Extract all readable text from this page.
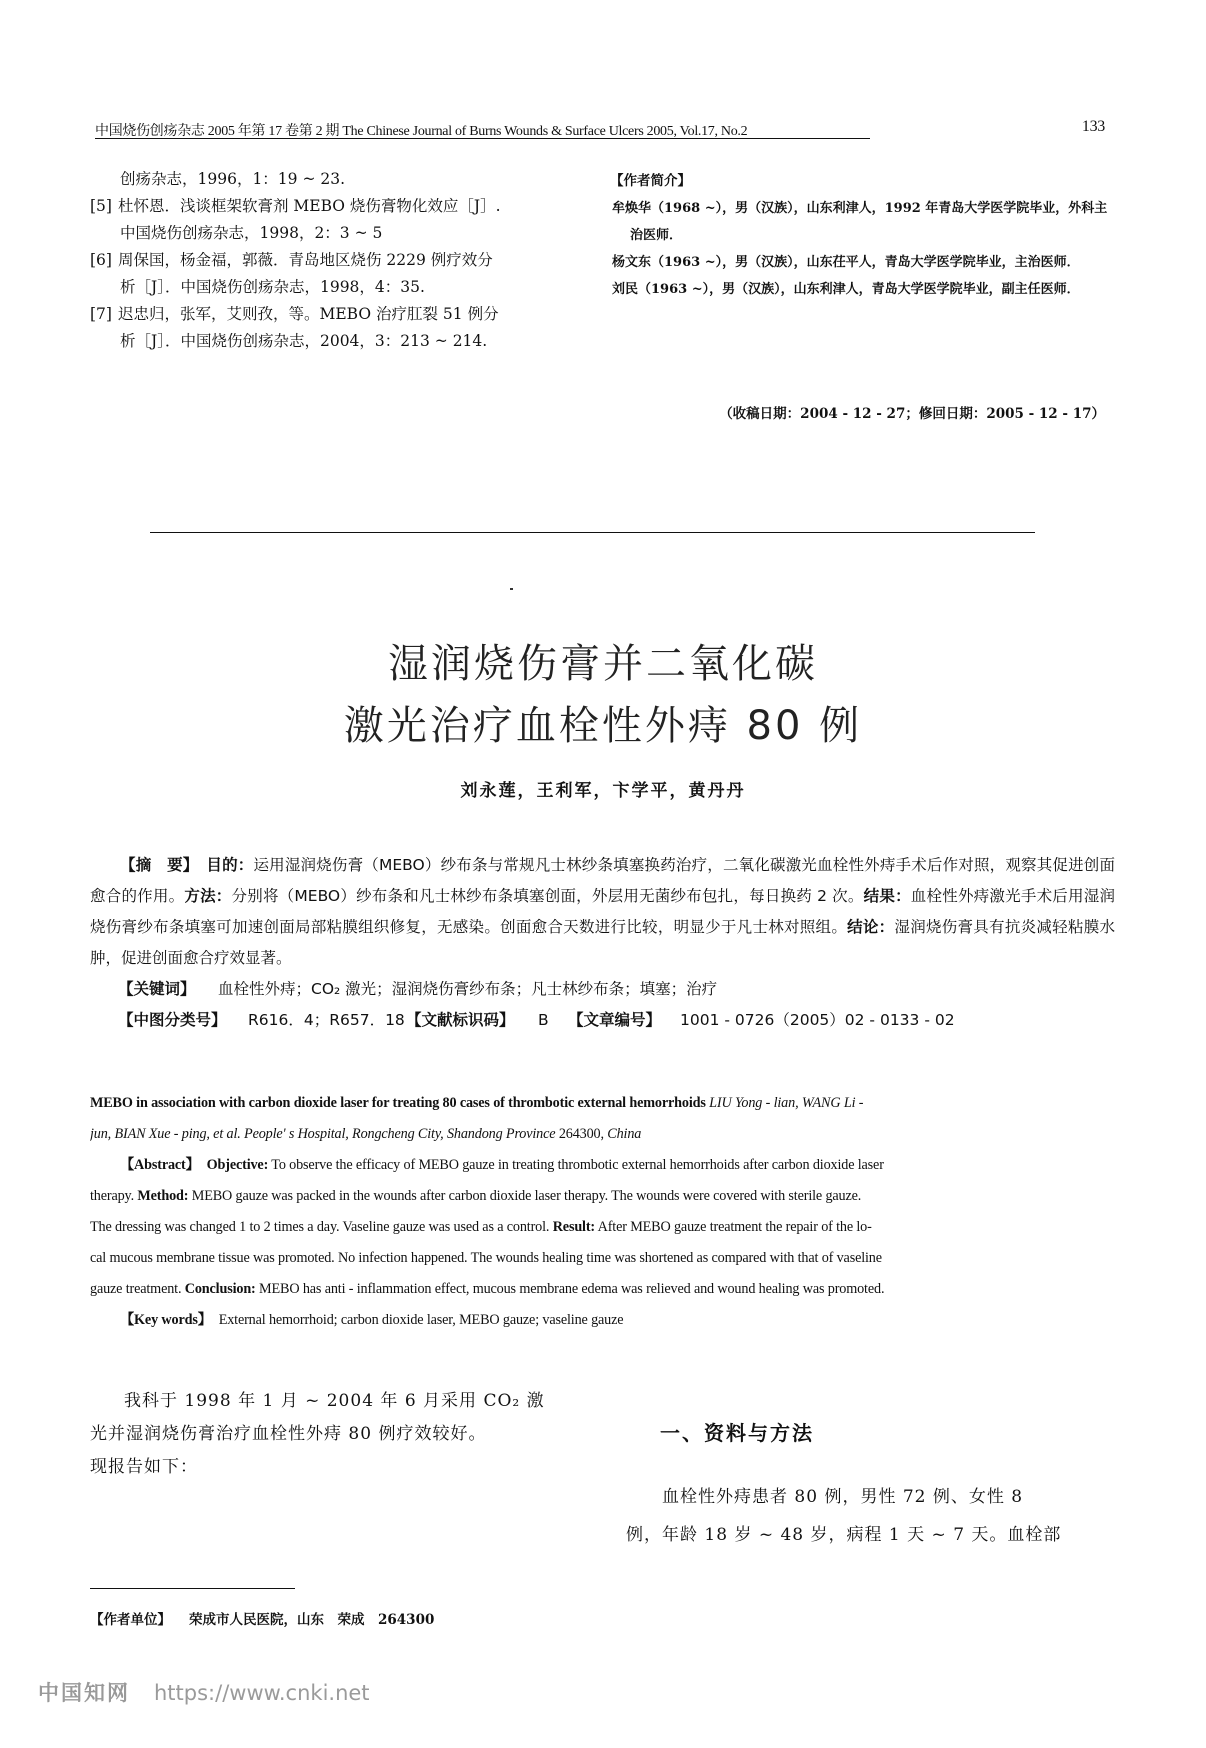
中国烧伤创疡杂志 2005 年第 17 卷第 2 期 The Chinese Journal of Burns Wounds & Surface Ulcers 2005, Vol.17, No.2	133
创疡杂志，1996，1：19 ~ 23.
[5] 杜怀恩．浅谈框架软膏剂 MEBO 烧伤膏物化效应［J］.
中国烧伤创疡杂志，1998，2：3 ~ 5
[6] 周保国，杨金福，郭薇．青岛地区烧伤 2229 例疗效分
析［J］．中国烧伤创疡杂志，1998，4：35.
[7] 迟忠归，张军，艾则孜，等。MEBO 治疗肛裂 51 例分
析［J］．中国烧伤创疡杂志，2004，3：213 ~ 214.
【作者简介】
牟焕华（1968 ~），男（汉族），山东利津人，1992 年青岛大学医学院毕业，外科主治医师．
杨文东（1963 ~），男（汉族），山东茌平人，青岛大学医学院毕业，主治医师．
刘民（1963 ~），男（汉族），山东利津人，青岛大学医学院毕业，副主任医师．
（收稿日期：2004 - 12 - 27；修回日期：2005 - 12 - 17）
湿润烧伤膏并二氧化碳
激光治疗血栓性外痔 80 例
刘永莲，王利军，卞学平，黄丹丹
【摘　要】　 目的：运用湿润烧伤膏（MEBO）纱布条与常规凡士林纱条填塞换药治疗，二氧化碳激光血栓性外痔手术后作对照，观察其促进创面愈合的作用。方法：分别将（MEBO）纱布条和凡士林纱布条填塞创面，外层用无菌纱布包扎，每日换药 2 次。结果：血栓性外痔激光手术后用湿润烧伤膏纱布条填塞可加速创面局部粘膜组织修复，无感染。创面愈合天数进行比较，明显少于凡士林对照组。结论：湿润烧伤膏具有抗炎减轻粘膜水肿，促进创面愈合疗效显著。
【关键词】 血栓性外痔；CO₂ 激光；湿润烧伤膏纱布条；凡士林纱布条；填塞；治疗
【中图分类号】 R616．4；R657．18 【文献标识码】 B 【文章编号】 1001 - 0726（2005）02 - 0133 - 02
MEBO in association with carbon dioxide laser for treating 80 cases of thrombotic external hemorrhoids LIU Yong - lian, WANG Li -
jun, BIAN Xue - ping, et al. People' s Hospital, Rongcheng City, Shandong Province 264300, China
【Abstract】　 Objective: To observe the efficacy of MEBO gauze in treating thrombotic external hemorrhoids after carbon dioxide laser
therapy. Method: MEBO gauze was packed in the wounds after carbon dioxide laser therapy. The wounds were covered with sterile gauze.
The dressing was changed 1 to 2 times a day. Vaseline gauze was used as a control. Result: After MEBO gauze treatment the repair of the lo-
cal mucous membrane tissue was promoted. No infection happened. The wounds healing time was shortened as compared with that of vaseline
gauze treatment. Conclusion: MEBO has anti - inflammation effect, mucous membrane edema was relieved and wound healing was promoted.
【Key words】　 External hemorrhoid; carbon dioxide laser, MEBO gauze; vaseline gauze
我科于 1998 年 1 月 ~ 2004 年 6 月采用 CO₂ 激
光并湿润烧伤膏治疗血栓性外痔 80 例疗效较好。
现报告如下：
一、资料与方法
血栓性外痔患者 80 例，男性 72 例、女性 8
例，年龄 18 岁 ~ 48 岁，病程 1 天 ~ 7 天。血栓部
【作者单位】 荣成市人民医院，山东　荣成　264300
中国知网 https://www.cnki.net
